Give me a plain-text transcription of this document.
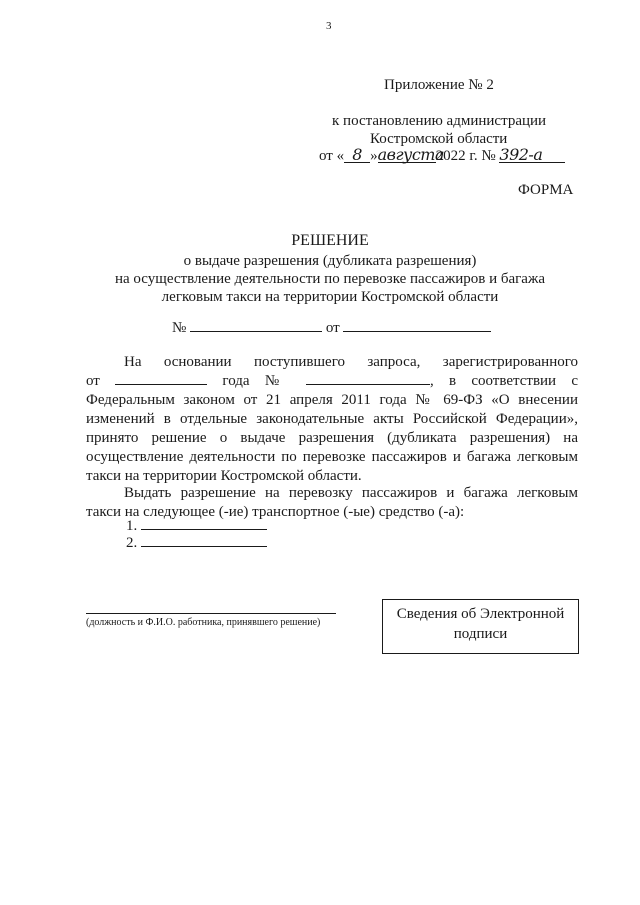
3
Приложение № 2
к постановлению администрации
Костромской области
от « 8 »августа2022 г. № 392-а
ФОРМА
РЕШЕНИЕ
о выдаче разрешения (дубликата разрешения)
на осуществление деятельности по перевозке пассажиров и багажа
легковым такси на территории Костромской области
№	от
На основании поступившего запроса, зарегистрированного
от	года №	, в соответствии с
Федеральным законом от 21 апреля 2011 года № 69-ФЗ «О внесении
изменений в отдельные законодательные акты Российской Федерации»,
принято решение о выдаче разрешения (дубликата разрешения) на
осуществление деятельности по перевозке пассажиров и багажа легковым
такси на территории Костромской области.
Выдать разрешение на перевозку пассажиров и багажа легковым
такси на следующее (-ие) транспортное (-ые) средство (-а):
1.
2.
(должность и Ф.И.О. работника, принявшего решение)
Сведения об Электронной подписи
